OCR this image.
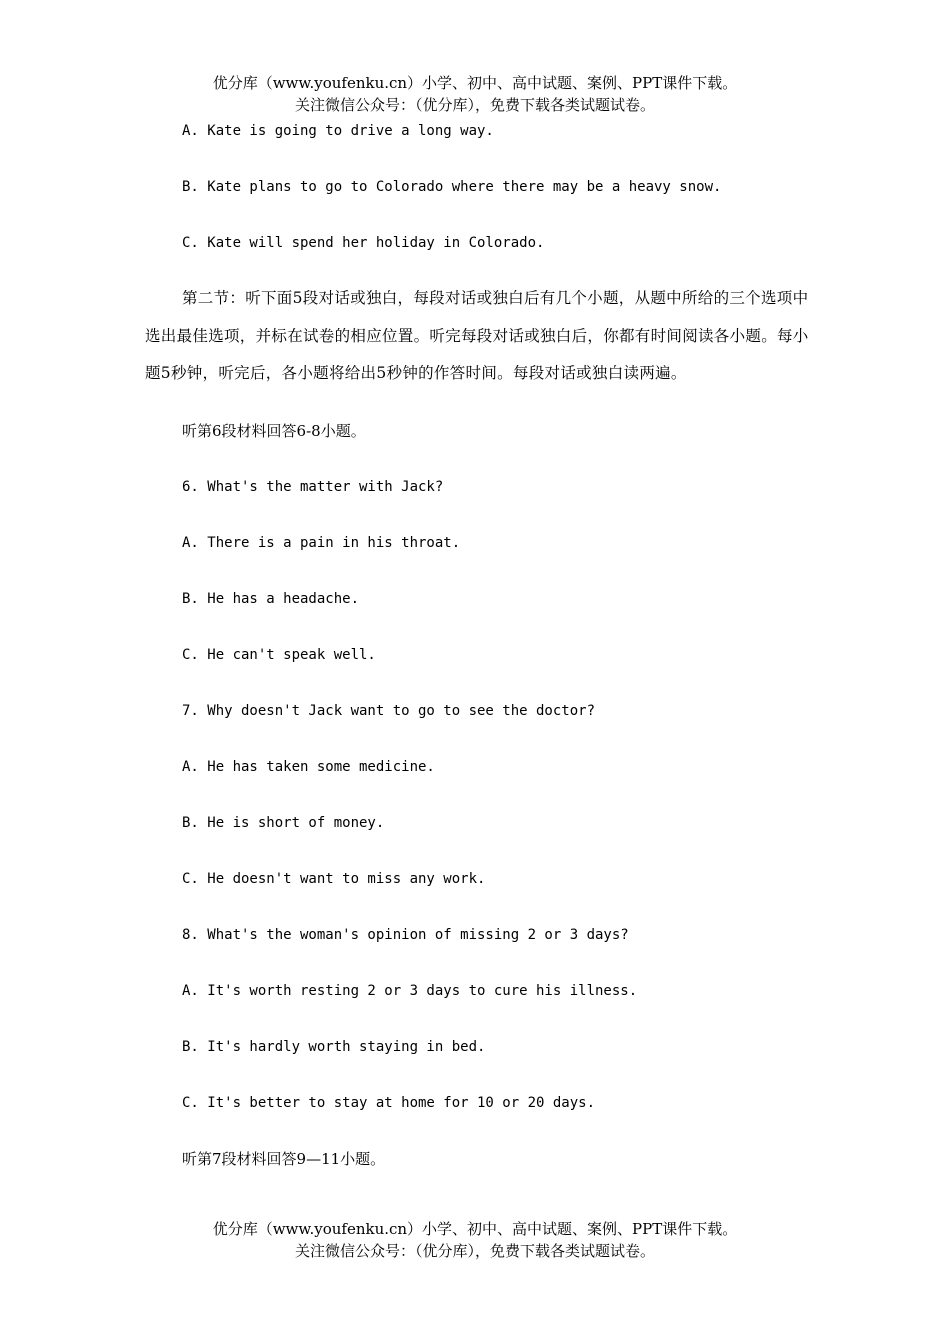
优分库（www.youfenku.cn）小学、初中、高中试题、案例、PPT课件下载。
关注微信公众号：（优分库），免费下载各类试题试卷。

A. Kate is going to drive a long way.

B. Kate plans to go to Colorado where there may be a heavy snow.

C. Kate will spend her holiday in Colorado.

第二节：听下面5段对话或独白，每段对话或独白后有几个小题，从题中所给的三个选项中选出最佳选项，并标在试卷的相应位置。听完每段对话或独白后，你都有时间阅读各小题。每小题5秒钟，听完后，各小题将给出5秒钟的作答时间。每段对话或独白读两遍。

听第6段材料回答6-8小题。

6. What's the matter with Jack?

A. There is a pain in his throat.

B. He has a headache.

C. He can't speak well.

7. Why doesn't Jack want to go to see the doctor?

A. He has taken some medicine.

B. He is short of money.

C. He doesn't want to miss any work.

8. What's the woman's opinion of missing 2 or 3 days?

A. It's worth resting 2 or 3 days to cure his illness.

B. It's hardly worth staying in bed.

C. It's better to stay at home for 10 or 20 days.

听第7段材料回答9—11小题。

优分库（www.youfenku.cn）小学、初中、高中试题、案例、PPT课件下载。
关注微信公众号：（优分库），免费下载各类试题试卷。
